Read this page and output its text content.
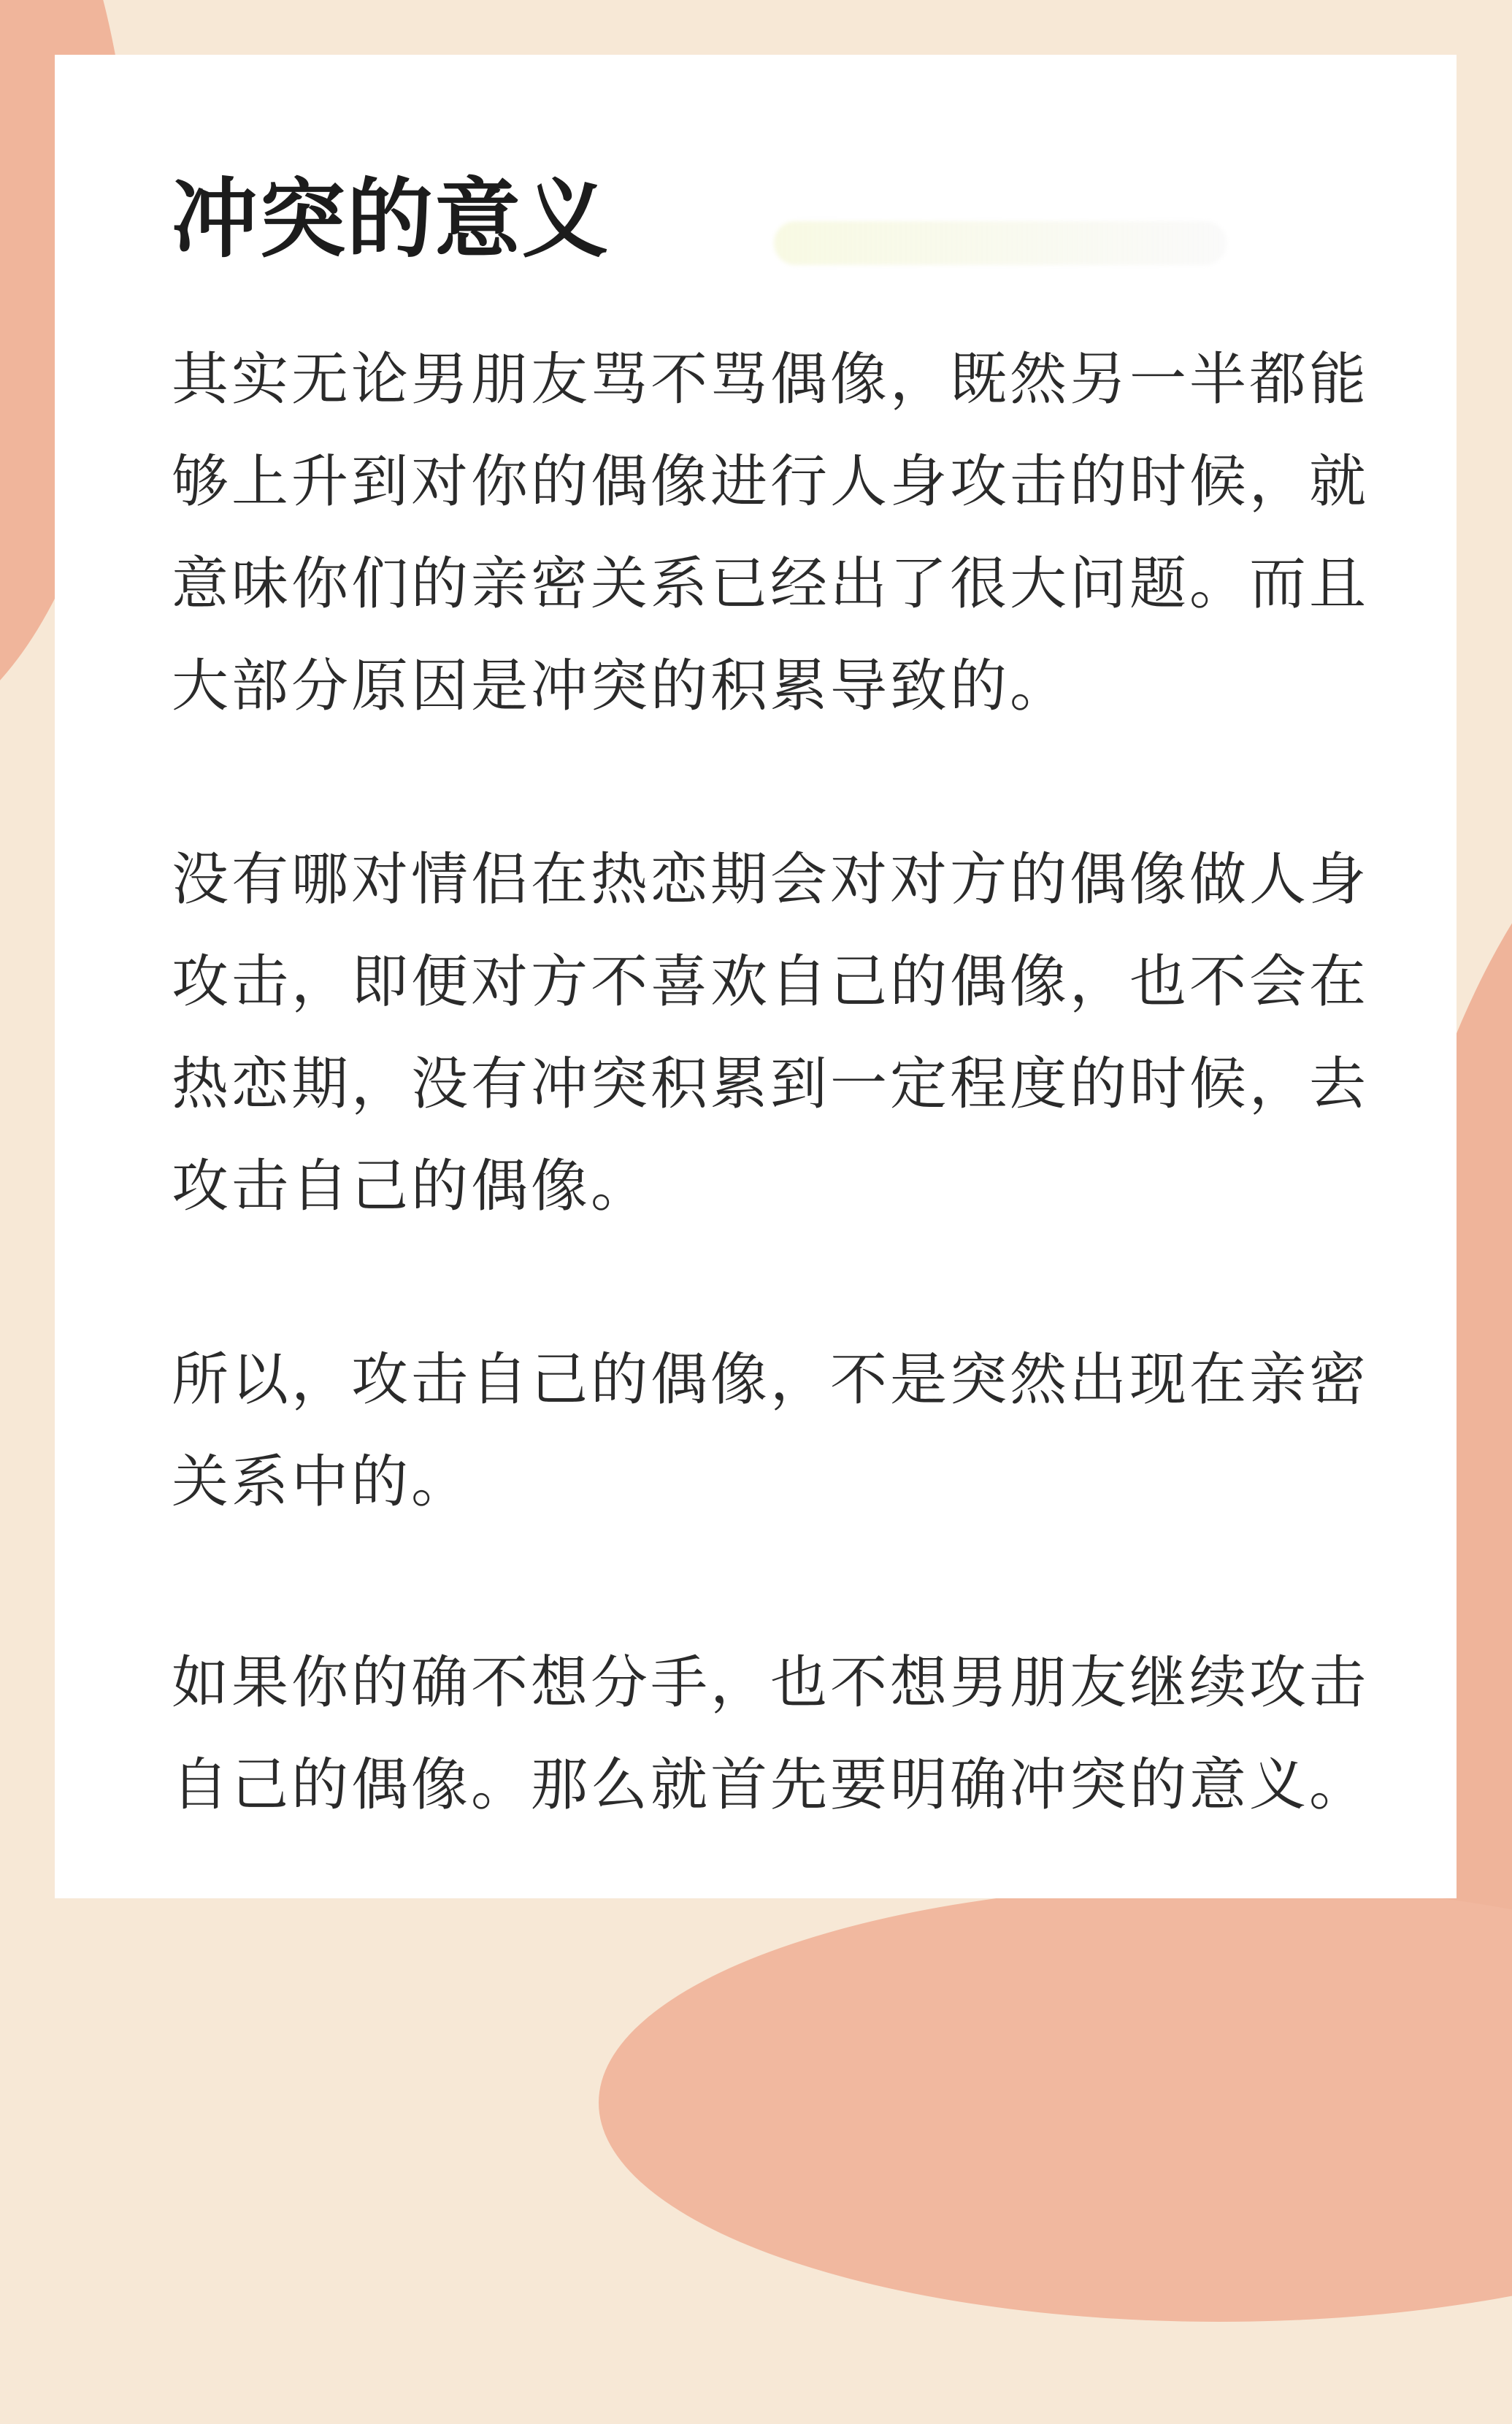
冲突的意义

其实无论男朋友骂不骂偶像，既然另一半都能够上升到对你的偶像进行人身攻击的时候，就意味你们的亲密关系已经出了很大问题。而且大部分原因是冲突的积累导致的。

没有哪对情侣在热恋期会对对方的偶像做人身攻击，即便对方不喜欢自己的偶像，也不会在热恋期，没有冲突积累到一定程度的时候，去攻击自己的偶像。

所以，攻击自己的偶像，不是突然出现在亲密关系中的。

如果你的确不想分手，也不想男朋友继续攻击自己的偶像。那么就首先要明确冲突的意义。
